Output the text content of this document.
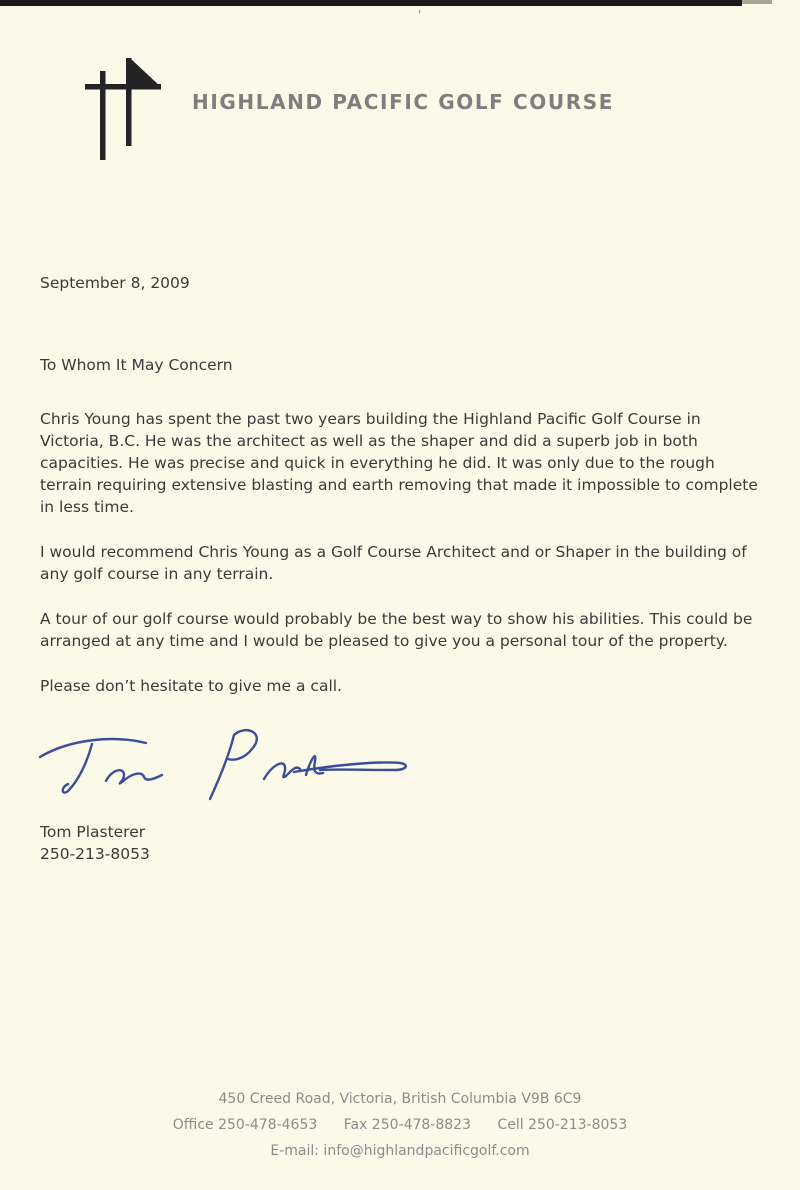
'
HIGHLAND PACIFIC GOLF COURSE

September 8, 2009

To Whom It May Concern

Chris Young has spent the past two years building the Highland Pacific Golf Course in Victoria, B.C. He was the architect as well as the shaper and did a superb job in both capacities. He was precise and quick in everything he did. It was only due to the rough terrain requiring extensive blasting and earth removing that made it impossible to complete in less time.

I would recommend Chris Young as a Golf Course Architect and or Shaper in the building of any golf course in any terrain.

A tour of our golf course would probably be the best way to show his abilities. This could be arranged at any time and I would be pleased to give you a personal tour of the property.

Please don’t hesitate to give me a call.

Tom Plasterer

250-213-8053

450 Creed Road, Victoria, British Columbia V9B 6C9
Office 250-478-4653 Fax 250-478-8823 Cell 250-213-8053
E-mail: info@highlandpacificgolf.com
